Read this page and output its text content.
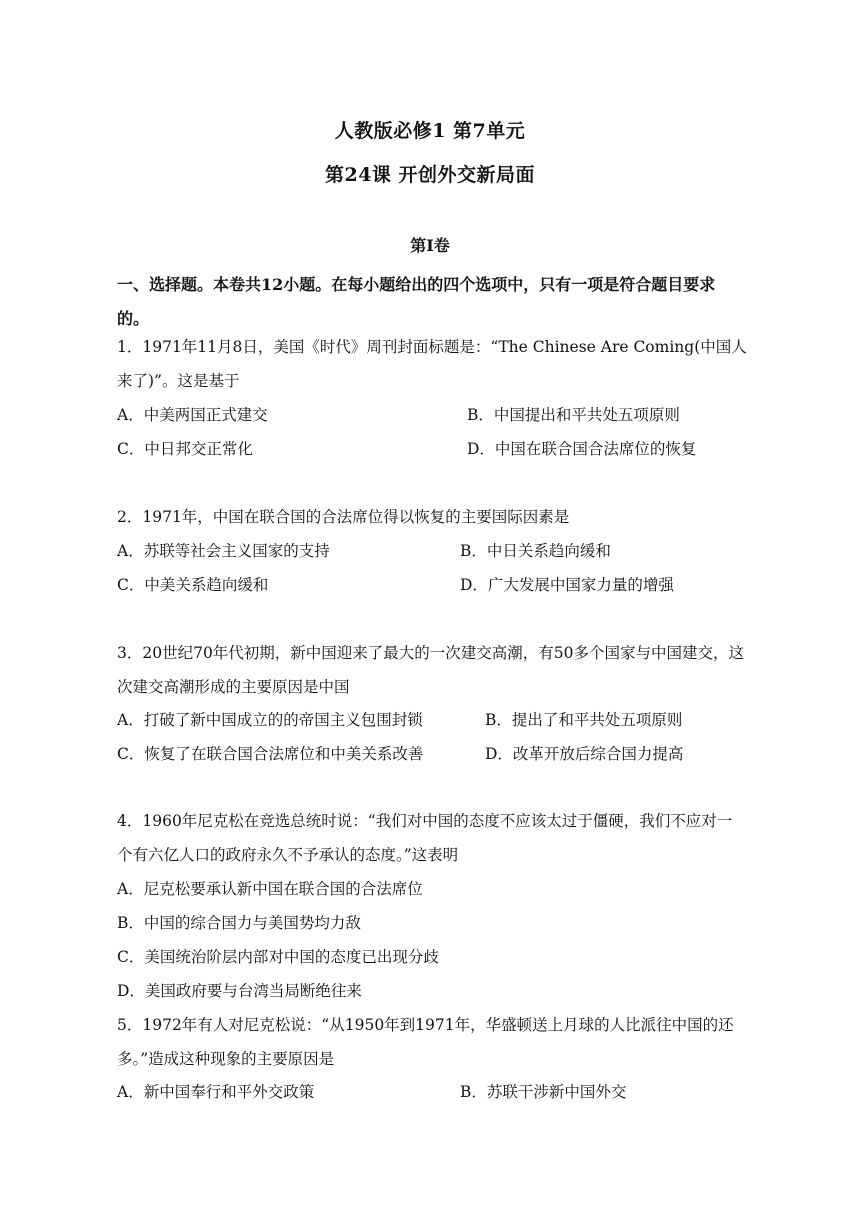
人教版必修1 第7单元
第24课 开创外交新局面
第Ⅰ卷
一、选择题。本卷共12小题。在每小题给出的四个选项中，只有一项是符合题目要求的。
1．1971年11月8日，美国《时代》周刊封面标题是：“The Chinese Are Coming(中国人来了)”。这是基于
A．中美两国正式建交	B．中国提出和平共处五项原则
C．中日邦交正常化	D．中国在联合国合法席位的恢复
2．1971年，中国在联合国的合法席位得以恢复的主要国际因素是
A．苏联等社会主义国家的支持	B．中日关系趋向缓和
C．中美关系趋向缓和	D．广大发展中国家力量的增强
3．20世纪70年代初期，新中国迎来了最大的一次建交高潮，有50多个国家与中国建交，这次建交高潮形成的主要原因是中国
A．打破了新中国成立的的帝国主义包围封锁	B．提出了和平共处五项原则
C．恢复了在联合国合法席位和中美关系改善	D．改革开放后综合国力提高
4．1960年尼克松在竞选总统时说：“我们对中国的态度不应该太过于僵硬，我们不应对一个有六亿人口的政府永久不予承认的态度。”这表明
A．尼克松要承认新中国在联合国的合法席位
B．中国的综合国力与美国势均力敌
C．美国统治阶层内部对中国的态度已出现分歧
D．美国政府要与台湾当局断绝往来
5．1972年有人对尼克松说：“从1950年到1971年，华盛顿送上月球的人比派往中国的还多。”造成这种现象的主要原因是
A．新中国奉行和平外交政策	B．苏联干涉新中国外交
